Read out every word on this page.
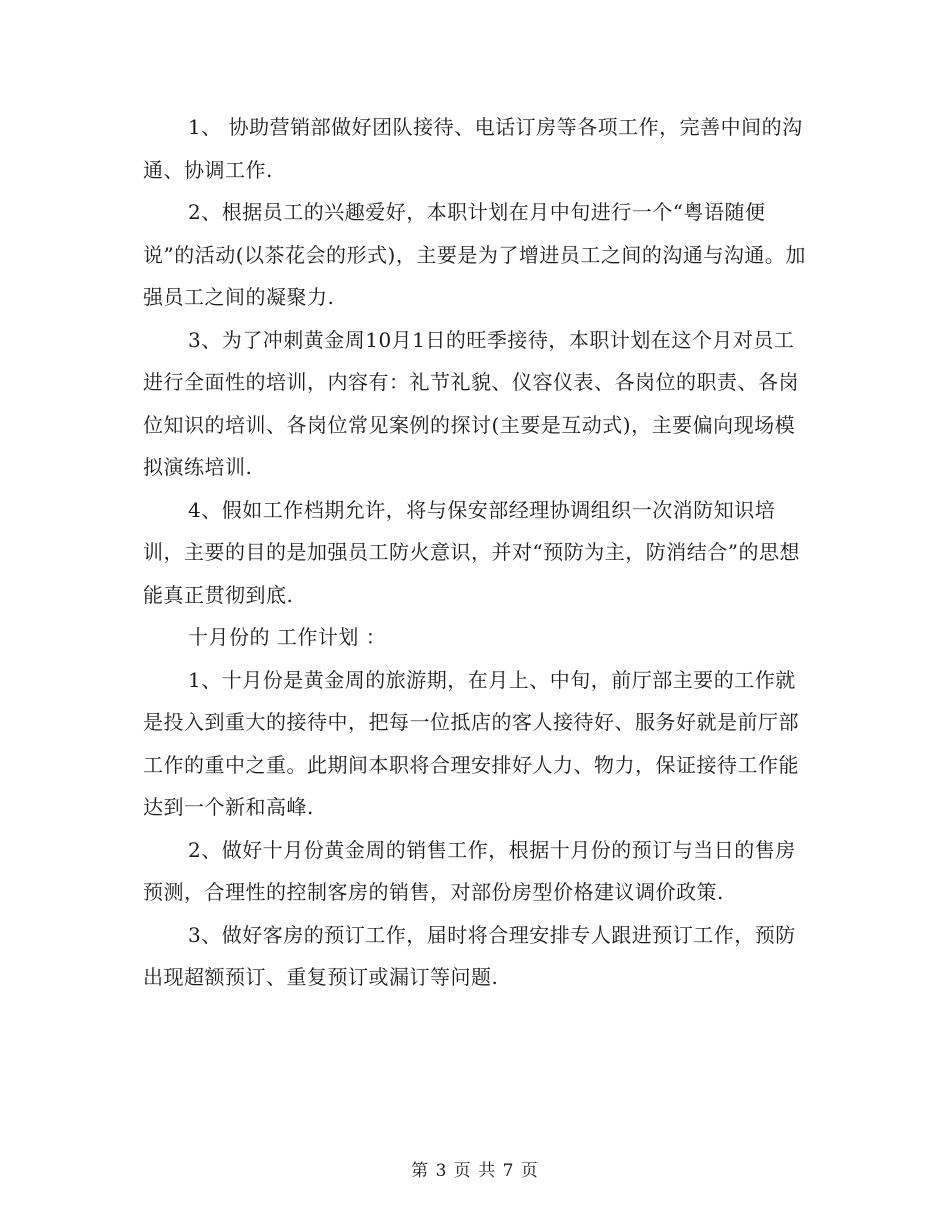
1、 协助营销部做好团队接待、电话订房等各项工作，完善中间的沟通、协调工作.

2、根据员工的兴趣爱好，本职计划在月中旬进行一个“粤语随便说”的活动(以茶花会的形式)，主要是为了增进员工之间的沟通与沟通。加强员工之间的凝聚力.

3、为了冲刺黄金周10月1日的旺季接待，本职计划在这个月对员工进行全面性的培训，内容有：礼节礼貌、仪容仪表、各岗位的职责、各岗位知识的培训、各岗位常见案例的探讨(主要是互动式)，主要偏向现场模拟演练培训.

4、假如工作档期允许，将与保安部经理协调组织一次消防知识培训，主要的目的是加强员工防火意识，并对“预防为主，防消结合”的思想能真正贯彻到底.

十月份的 工作计划 ：

1、十月份是黄金周的旅游期，在月上、中旬，前厅部主要的工作就是投入到重大的接待中，把每一位抵店的客人接待好、服务好就是前厅部工作的重中之重。此期间本职将合理安排好人力、物力，保证接待工作能达到一个新和高峰.

2、做好十月份黄金周的销售工作，根据十月份的预订与当日的售房预测，合理性的控制客房的销售，对部份房型价格建议调价政策.

3、做好客房的预订工作，届时将合理安排专人跟进预订工作，预防出现超额预订、重复预订或漏订等问题.

第 3 页 共 7 页
